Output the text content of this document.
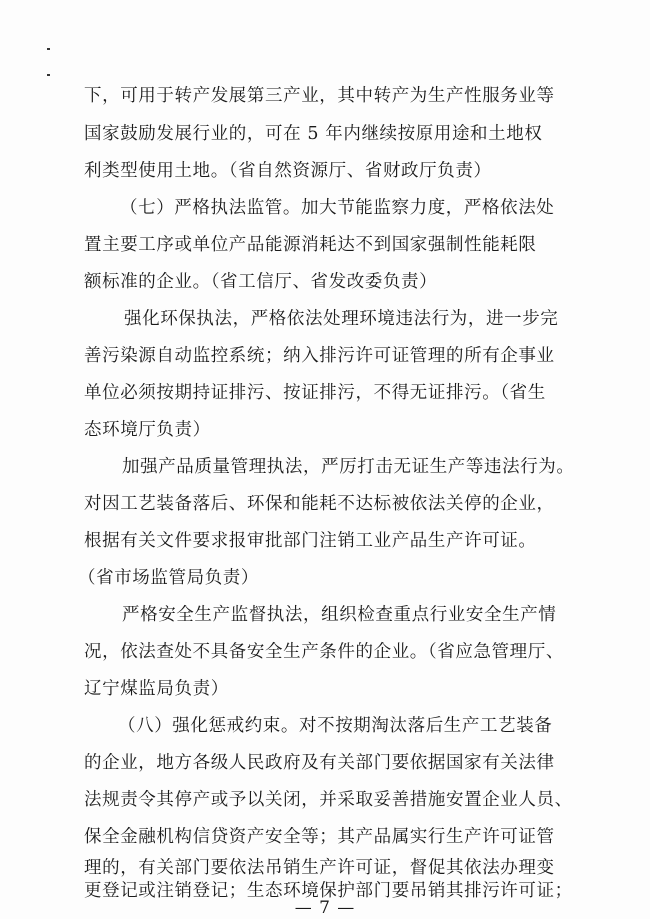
下，可用于转产发展第三产业，其中转产为生产性服务业等
国家鼓励发展行业的，可在 5 年内继续按原用途和土地权
利类型使用土地。（省自然资源厅、省财政厅负责）
（七）严格执法监管。加大节能监察力度，严格依法处
置主要工序或单位产品能源消耗达不到国家强制性能耗限
额标准的企业。（省工信厅、省发改委负责）
强化环保执法，严格依法处理环境违法行为，进一步完
善污染源自动监控系统；纳入排污许可证管理的所有企事业
单位必须按期持证排污、按证排污，不得无证排污。（省生
态环境厅负责）
加强产品质量管理执法，严厉打击无证生产等违法行为。
对因工艺装备落后、环保和能耗不达标被依法关停的企业，
根据有关文件要求报审批部门注销工业产品生产许可证。
（省市场监管局负责）
严格安全生产监督执法，组织检查重点行业安全生产情
况，依法查处不具备安全生产条件的企业。（省应急管理厅、
辽宁煤监局负责）
（八）强化惩戒约束。对不按期淘汰落后生产工艺装备
的企业，地方各级人民政府及有关部门要依据国家有关法律
法规责令其停产或予以关闭，并采取妥善措施安置企业人员、
保全金融机构信贷资产安全等；其产品属实行生产许可证管
理的，有关部门要依法吊销生产许可证，督促其依法办理变
更登记或注销登记；生态环境保护部门要吊销其排污许可证；
— 7 —
